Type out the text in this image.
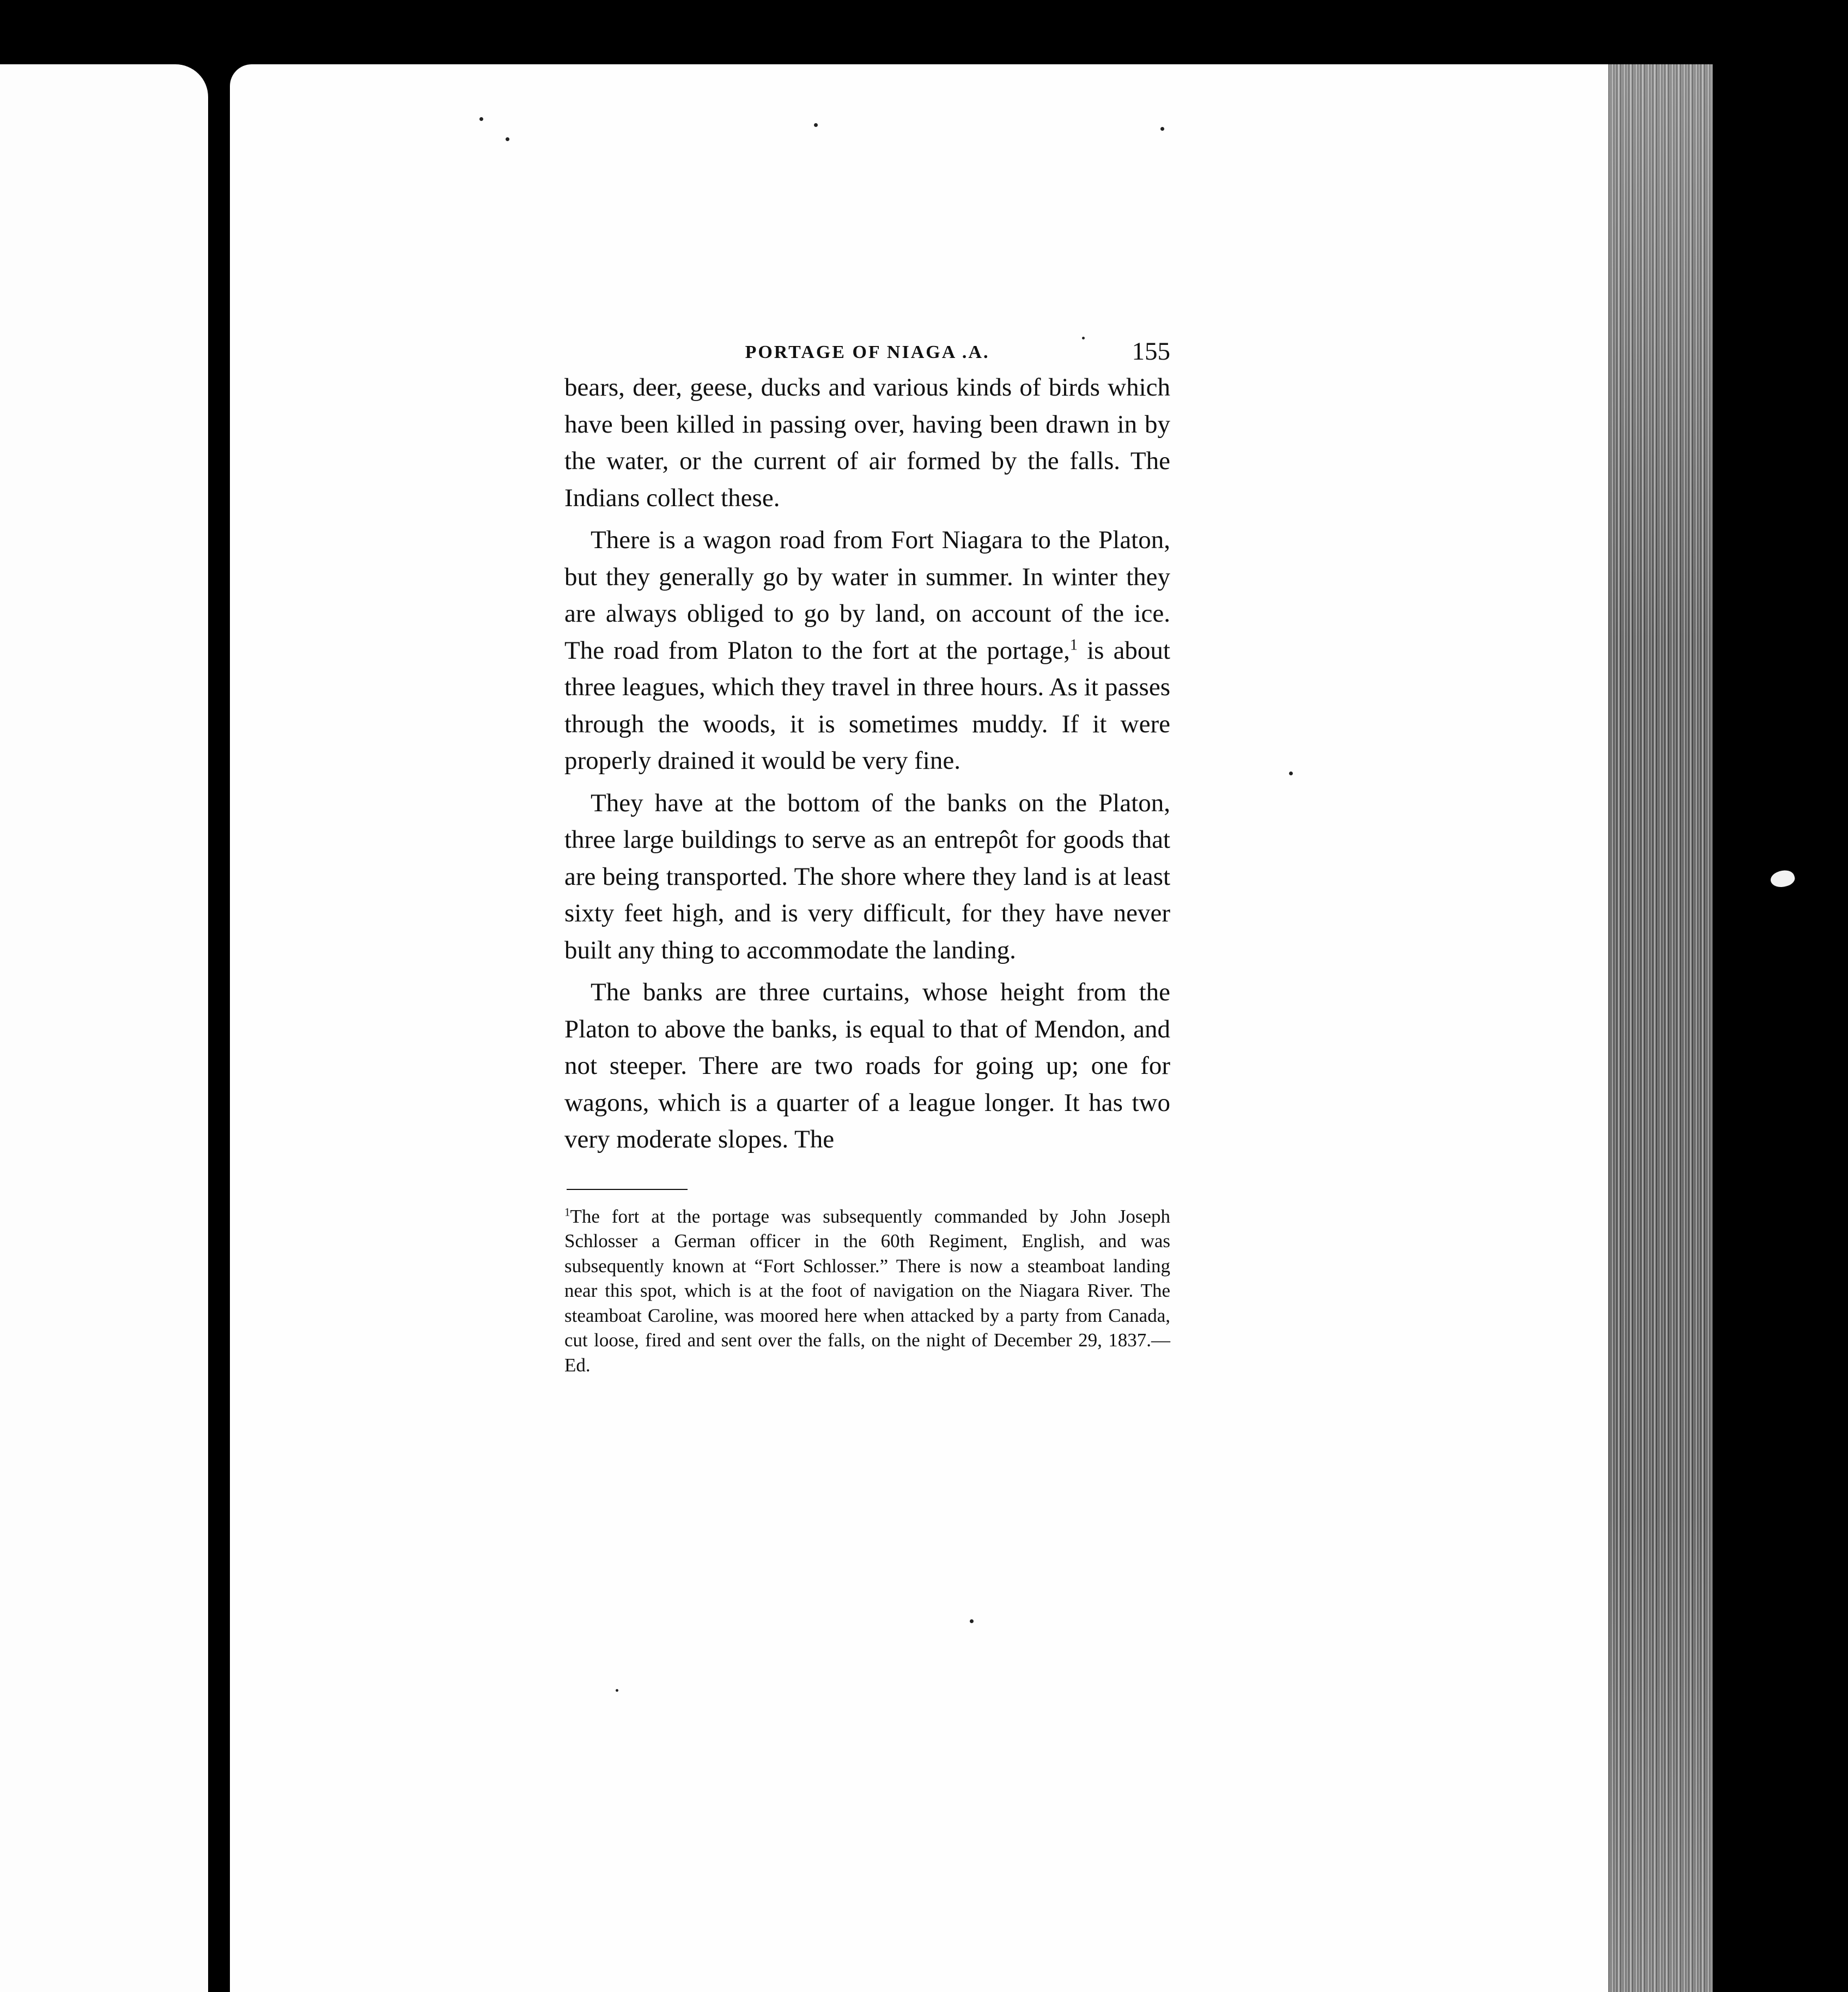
PORTAGE OF NIAGA .A.	155

bears, deer, geese, ducks and various kinds of birds which have been killed in passing over, having been drawn in by the water, or the current of air formed by the falls. The Indians collect these.

There is a wagon road from Fort Niagara to the Platon, but they generally go by water in summer. In winter they are always obliged to go by land, on account of the ice. The road from Platon to the fort at the portage,$^1$ is about three leagues, which they travel in three hours. As it passes through the woods, it is sometimes muddy. If it were properly drained it would be very fine.

They have at the bottom of the banks on the Platon, three large buildings to serve as an entrepôt for goods that are being transported. The shore where they land is at least sixty feet high, and is very difficult, for they have never built any thing to accommodate the landing.

The banks are three curtains, whose height from the Platon to above the banks, is equal to that of Mendon, and not steeper. There are two roads for going up; one for wagons, which is a quarter of a league longer. It has two very moderate slopes. The

$^1$The fort at the portage was subsequently commanded by John Joseph Schlosser a German officer in the 60th Regiment, English, and was subsequently known at “Fort Schlosser.” There is now a steamboat landing near this spot, which is at the foot of navigation on the Niagara River. The steamboat Caroline, was moored here when attacked by a party from Canada, cut loose, fired and sent over the falls, on the night of December 29, 1837.— Ed.
